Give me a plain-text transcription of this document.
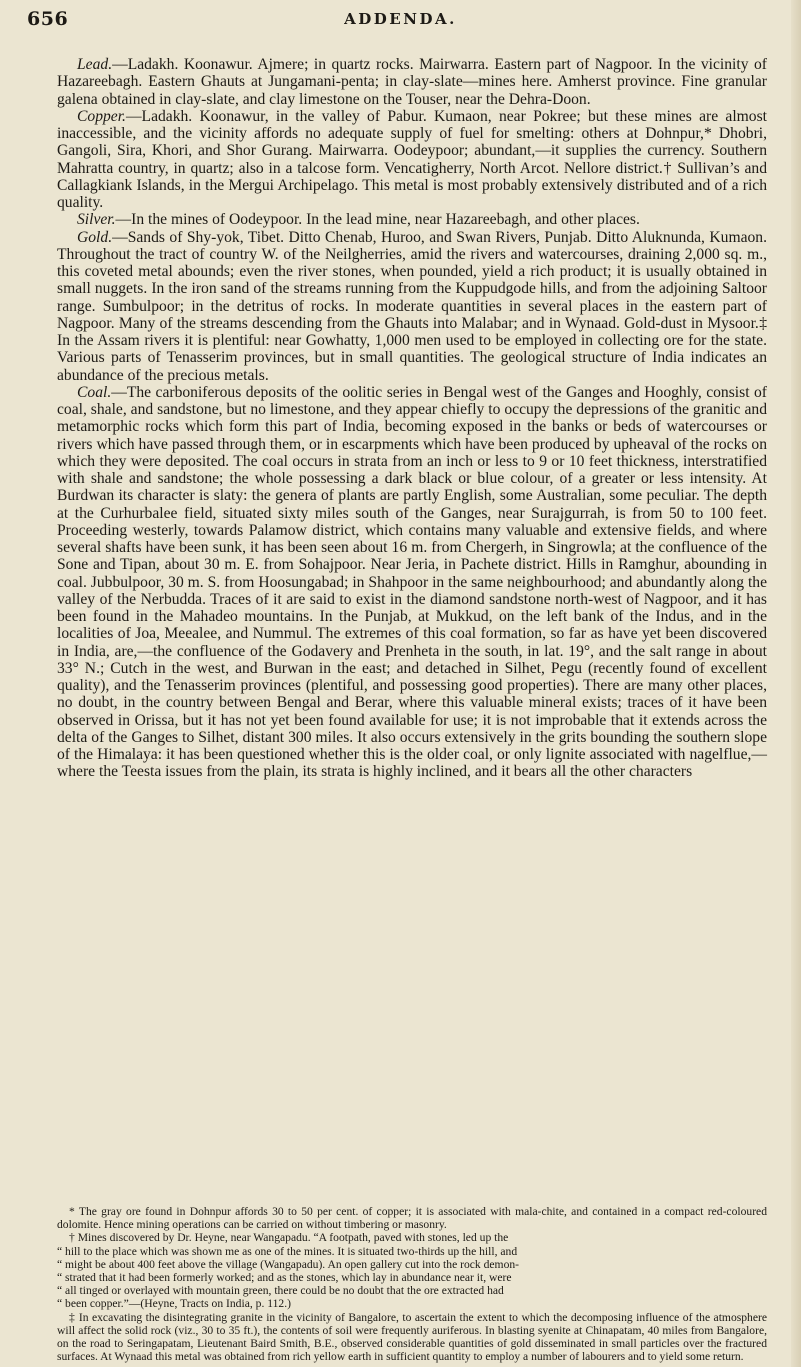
656	ADDENDA.

Lead.—Ladakh. Koonawur. Ajmere; in quartz rocks. Mairwarra. Eastern part of Nagpoor. In the vicinity of Hazareebagh. Eastern Ghauts at Jungamani-penta; in clay-slate—mines here. Amherst province. Fine granular galena obtained in clay-slate, and clay limestone on the Touser, near the Dehra-Doon.

Copper.—Ladakh. Koonawur, in the valley of Pabur. Kumaon, near Pokree; but these mines are almost inaccessible, and the vicinity affords no adequate supply of fuel for smelting: others at Dohnpur,* Dhobri, Gangoli, Sira, Khori, and Shor Gurang. Mairwarra. Oodeypoor; abundant,—it supplies the currency. Southern Mahratta country, in quartz; also in a talcose form. Vencatigherry, North Arcot. Nellore district.† Sullivan’s and Callagkiank Islands, in the Mergui Archipelago. This metal is most probably extensively distributed and of a rich quality.

Silver.—In the mines of Oodeypoor. In the lead mine, near Hazareebagh, and other places.

Gold.—Sands of Shy-yok, Tibet. Ditto Chenab, Huroo, and Swan Rivers, Punjab. Ditto Aluknunda, Kumaon. Throughout the tract of country W. of the Neilgherries, amid the rivers and watercourses, draining 2,000 sq. m., this coveted metal abounds; even the river stones, when pounded, yield a rich product; it is usually obtained in small nuggets. In the iron sand of the streams running from the Kuppudgode hills, and from the adjoining Saltoor range. Sumbulpoor; in the detritus of rocks. In moderate quantities in several places in the eastern part of Nagpoor. Many of the streams descending from the Ghauts into Malabar; and in Wynaad. Gold-dust in Mysoor.‡ In the Assam rivers it is plentiful: near Gowhatty, 1,000 men used to be employed in collecting ore for the state. Various parts of Tenasserim provinces, but in small quantities. The geological structure of India indicates an abundance of the precious metals.

Coal.—The carboniferous deposits of the oolitic series in Bengal west of the Ganges and Hooghly, consist of coal, shale, and sandstone, but no limestone, and they appear chiefly to occupy the depressions of the granitic and metamorphic rocks which form this part of India, becoming exposed in the banks or beds of watercourses or rivers which have passed through them, or in escarpments which have been produced by upheaval of the rocks on which they were deposited. The coal occurs in strata from an inch or less to 9 or 10 feet thickness, interstratified with shale and sandstone; the whole possessing a dark black or blue colour, of a greater or less intensity. At Burdwan its character is slaty: the genera of plants are partly English, some Australian, some peculiar. The depth at the Curhurbalee field, situated sixty miles south of the Ganges, near Surajgurrah, is from 50 to 100 feet. Proceeding westerly, towards Palamow district, which contains many valuable and extensive fields, and where several shafts have been sunk, it has been seen about 16 m. from Chergerh, in Singrowla; at the confluence of the Sone and Tipan, about 30 m. E. from Sohajpoor. Near Jeria, in Pachete district. Hills in Ramghur, abounding in coal. Jubbulpoor, 30 m. S. from Hoosungabad; in Shahpoor in the same neighbourhood; and abundantly along the valley of the Nerbudda. Traces of it are said to exist in the diamond sandstone north-west of Nagpoor, and it has been found in the Mahadeo mountains. In the Punjab, at Mukkud, on the left bank of the Indus, and in the localities of Joa, Meealee, and Nummul. The extremes of this coal formation, so far as have yet been discovered in India, are,—the confluence of the Godavery and Prenheta in the south, in lat. 19°, and the salt range in about 33° N.; Cutch in the west, and Burwan in the east; and detached in Silhet, Pegu (recently found of excellent quality), and the Tenasserim provinces (plentiful, and possessing good properties). There are many other places, no doubt, in the country between Bengal and Berar, where this valuable mineral exists; traces of it have been observed in Orissa, but it has not yet been found available for use; it is not improbable that it extends across the delta of the Ganges to Silhet, distant 300 miles. It also occurs extensively in the grits bounding the southern slope of the Himalaya: it has been questioned whether this is the older coal, or only lignite associated with nagelflue,—where the Teesta issues from the plain, its strata is highly inclined, and it bears all the other characters

* The gray ore found in Dohnpur affords 30 to 50 per cent. of copper; it is associated with mala-chite, and contained in a compact red-coloured dolomite. Hence mining operations can be carried on without timbering or masonry.

† Mines discovered by Dr. Heyne, near Wangapadu. “A footpath, paved with stones, led up the

“ hill to the place which was shown me as one of the mines. It is situated two-thirds up the hill, and

“ might be about 400 feet above the village (Wangapadu). An open gallery cut into the rock demon-

“ strated that it had been formerly worked; and as the stones, which lay in abundance near it, were

“ all tinged or overlayed with mountain green, there could be no doubt that the ore extracted had

“ been copper.”—(Heyne, Tracts on India, p. 112.)

‡ In excavating the disintegrating granite in the vicinity of Bangalore, to ascertain the extent to which the decomposing influence of the atmosphere will affect the solid rock (viz., 30 to 35 ft.), the contents of soil were frequently auriferous. In blasting syenite at Chinapatam, 40 miles from Bangalore, on the road to Seringapatam, Lieutenant Baird Smith, B.E., observed considerable quantities of gold disseminated in small particles over the fractured surfaces. At Wynaad this metal was obtained from rich yellow earth in sufficient quantity to employ a number of labourers and to yield some return.
